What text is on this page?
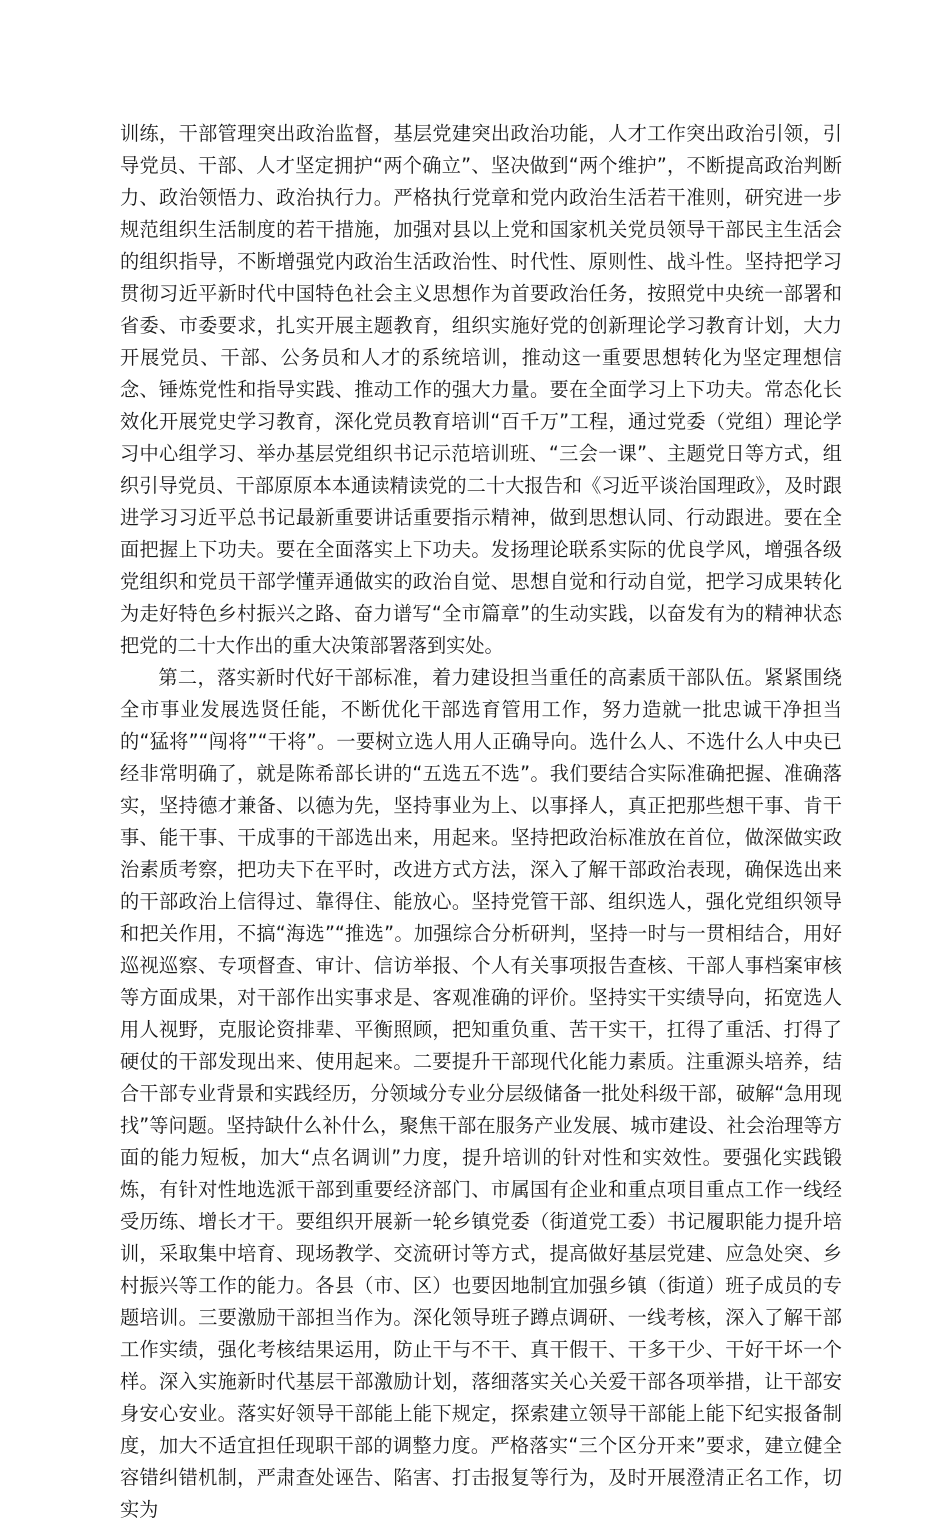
训练，干部管理突出政治监督，基层党建突出政治功能，人才工作突出政治引领，引导党员、干部、人才坚定拥护“两个确立”、坚决做到“两个维护”，不断提高政治判断力、政治领悟力、政治执行力。严格执行党章和党内政治生活若干准则，研究进一步规范组织生活制度的若干措施，加强对县以上党和国家机关党员领导干部民主生活会的组织指导，不断增强党内政治生活政治性、时代性、原则性、战斗性。坚持把学习贯彻习近平新时代中国特色社会主义思想作为首要政治任务，按照党中央统一部署和省委、市委要求，扎实开展主题教育，组织实施好党的创新理论学习教育计划，大力开展党员、干部、公务员和人才的系统培训，推动这一重要思想转化为坚定理想信念、锤炼党性和指导实践、推动工作的强大力量。要在全面学习上下功夫。常态化长效化开展党史学习教育，深化党员教育培训“百千万”工程，通过党委（党组）理论学习中心组学习、举办基层党组织书记示范培训班、“三会一课”、主题党日等方式，组织引导党员、干部原原本本通读精读党的二十大报告和《习近平谈治国理政》，及时跟进学习习近平总书记最新重要讲话重要指示精神，做到思想认同、行动跟进。要在全面把握上下功夫。要在全面落实上下功夫。发扬理论联系实际的优良学风，增强各级党组织和党员干部学懂弄通做实的政治自觉、思想自觉和行动自觉，把学习成果转化为走好特色乡村振兴之路、奋力谱写“全市篇章”的生动实践，以奋发有为的精神状态把党的二十大作出的重大决策部署落到实处。

第二，落实新时代好干部标准，着力建设担当重任的高素质干部队伍。紧紧围绕全市事业发展选贤任能，不断优化干部选育管用工作，努力造就一批忠诚干净担当的“猛将”“闯将”“干将”。一要树立选人用人正确导向。选什么人、不选什么人中央已经非常明确了，就是陈希部长讲的“五选五不选”。我们要结合实际准确把握、准确落实，坚持德才兼备、以德为先，坚持事业为上、以事择人，真正把那些想干事、肯干事、能干事、干成事的干部选出来，用起来。坚持把政治标准放在首位，做深做实政治素质考察，把功夫下在平时，改进方式方法，深入了解干部政治表现，确保选出来的干部政治上信得过、靠得住、能放心。坚持党管干部、组织选人，强化党组织领导和把关作用，不搞“海选”“推选”。加强综合分析研判，坚持一时与一贯相结合，用好巡视巡察、专项督查、审计、信访举报、个人有关事项报告查核、干部人事档案审核等方面成果，对干部作出实事求是、客观准确的评价。坚持实干实绩导向，拓宽选人用人视野，克服论资排辈、平衡照顾，把知重负重、苦干实干，扛得了重活、打得了硬仗的干部发现出来、使用起来。二要提升干部现代化能力素质。注重源头培养，结合干部专业背景和实践经历，分领域分专业分层级储备一批处科级干部，破解“急用现找”等问题。坚持缺什么补什么，聚焦干部在服务产业发展、城市建设、社会治理等方面的能力短板，加大“点名调训”力度，提升培训的针对性和实效性。要强化实践锻炼，有针对性地选派干部到重要经济部门、市属国有企业和重点项目重点工作一线经受历练、增长才干。要组织开展新一轮乡镇党委（街道党工委）书记履职能力提升培训，采取集中培育、现场教学、交流研讨等方式，提高做好基层党建、应急处突、乡村振兴等工作的能力。各县（市、区）也要因地制宜加强乡镇（街道）班子成员的专题培训。三要激励干部担当作为。深化领导班子蹲点调研、一线考核，深入了解干部工作实绩，强化考核结果运用，防止干与不干、真干假干、干多干少、干好干坏一个样。深入实施新时代基层干部激励计划，落细落实关心关爱干部各项举措，让干部安身安心安业。落实好领导干部能上能下规定，探索建立领导干部能上能下纪实报备制度，加大不适宜担任现职干部的调整力度。严格落实“三个区分开来”要求，建立健全容错纠错机制，严肃查处诬告、陷害、打击报复等行为，及时开展澄清正名工作，切实为
